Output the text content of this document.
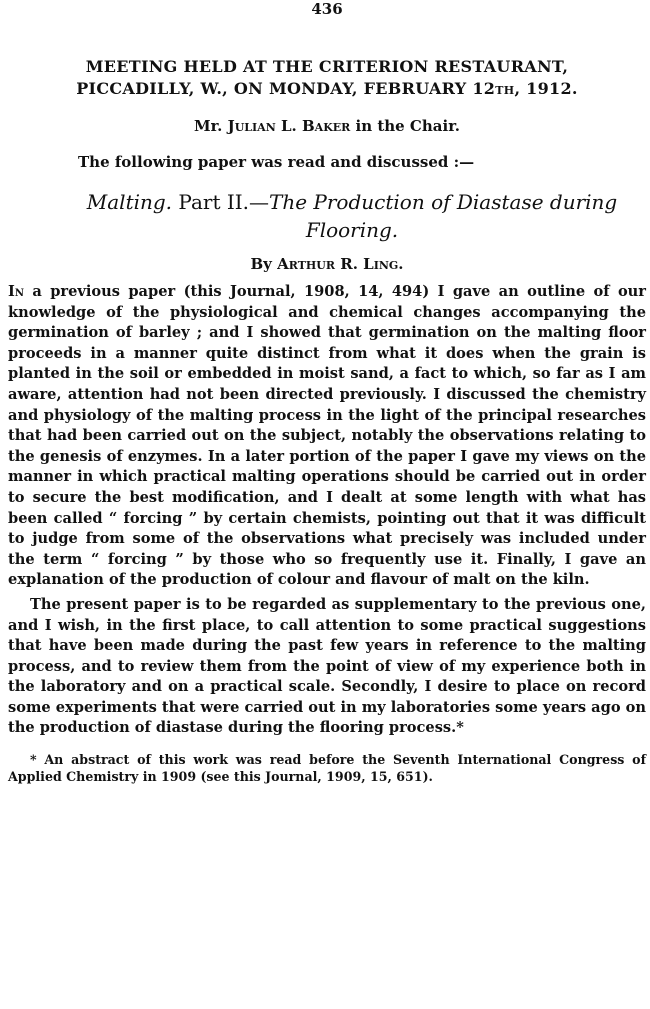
436
MEETING HELD AT THE CRITERION RESTAURANT,
PICCADILLY, W., ON MONDAY, FEBRUARY 12TH, 1912.
Mr. Julian L. Baker in the Chair.
The following paper was read and discussed :—
Malting. Part II.—The Production of Diastase during Flooring.
By Arthur R. Ling.

In a previous paper (this Journal, 1908, 14, 494) I gave an outline of our knowledge of the physiological and chemical changes accompanying the germination of barley ; and I showed that germination on the malting floor proceeds in a manner quite distinct from what it does when the grain is planted in the soil or embedded in moist sand, a fact to which, so far as I am aware, attention had not been directed previously. I discussed the chemistry and physiology of the malting process in the light of the principal researches that had been carried out on the subject, notably the observations relating to the genesis of enzymes. In a later portion of the paper I gave my views on the manner in which practical malting operations should be carried out in order to secure the best modification, and I dealt at some length with what has been called “ forcing ” by certain chemists, pointing out that it was difficult to judge from some of the observations what precisely was included under the term “ forcing ” by those who so frequently use it. Finally, I gave an explanation of the production of colour and flavour of malt on the kiln.

The present paper is to be regarded as supplementary to the previous one, and I wish, in the first place, to call attention to some practical suggestions that have been made during the past few years in reference to the malting process, and to review them from the point of view of my experience both in the laboratory and on a practical scale. Secondly, I desire to place on record some experiments that were carried out in my laboratories some years ago on the production of diastase during the flooring process.*

* An abstract of this work was read before the Seventh International Congress of Applied Chemistry in 1909 (see this Journal, 1909, 15, 651).
